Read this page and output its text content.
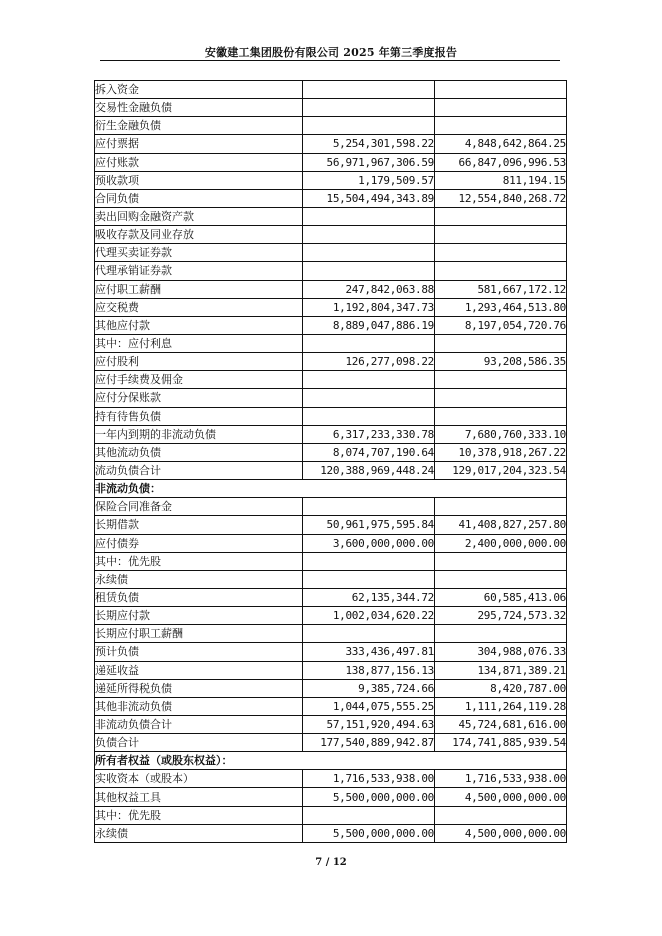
安徽建工集团股份有限公司 2025 年第三季度报告
拆入资金		
交易性金融负债		
衍生金融负债		
应付票据	5,254,301,598.22	4,848,642,864.25
应付账款	56,971,967,306.59	66,847,096,996.53
预收款项	1,179,509.57	811,194.15
合同负债	15,504,494,343.89	12,554,840,268.72
卖出回购金融资产款		
吸收存款及同业存放		
代理买卖证券款		
代理承销证券款		
应付职工薪酬	247,842,063.88	581,667,172.12
应交税费	1,192,804,347.73	1,293,464,513.80
其他应付款	8,889,047,886.19	8,197,054,720.76
其中：应付利息		
应付股利	126,277,098.22	93,208,586.35
应付手续费及佣金		
应付分保账款		
持有待售负债		
一年内到期的非流动负债	6,317,233,330.78	7,680,760,333.10
其他流动负债	8,074,707,190.64	10,378,918,267.22
流动负债合计	120,388,969,448.24	129,017,204,323.54
非流动负债：		
保险合同准备金		
长期借款	50,961,975,595.84	41,408,827,257.80
应付债券	3,600,000,000.00	2,400,000,000.00
其中：优先股		
永续债		
租赁负债	62,135,344.72	60,585,413.06
长期应付款	1,002,034,620.22	295,724,573.32
长期应付职工薪酬		
预计负债	333,436,497.81	304,988,076.33
递延收益	138,877,156.13	134,871,389.21
递延所得税负债	9,385,724.66	8,420,787.00
其他非流动负债	1,044,075,555.25	1,111,264,119.28
非流动负债合计	57,151,920,494.63	45,724,681,616.00
负债合计	177,540,889,942.87	174,741,885,939.54
所有者权益（或股东权益）：		
实收资本（或股本）	1,716,533,938.00	1,716,533,938.00
其他权益工具	5,500,000,000.00	4,500,000,000.00
其中：优先股		
永续债	5,500,000,000.00	4,500,000,000.00
7 / 12
